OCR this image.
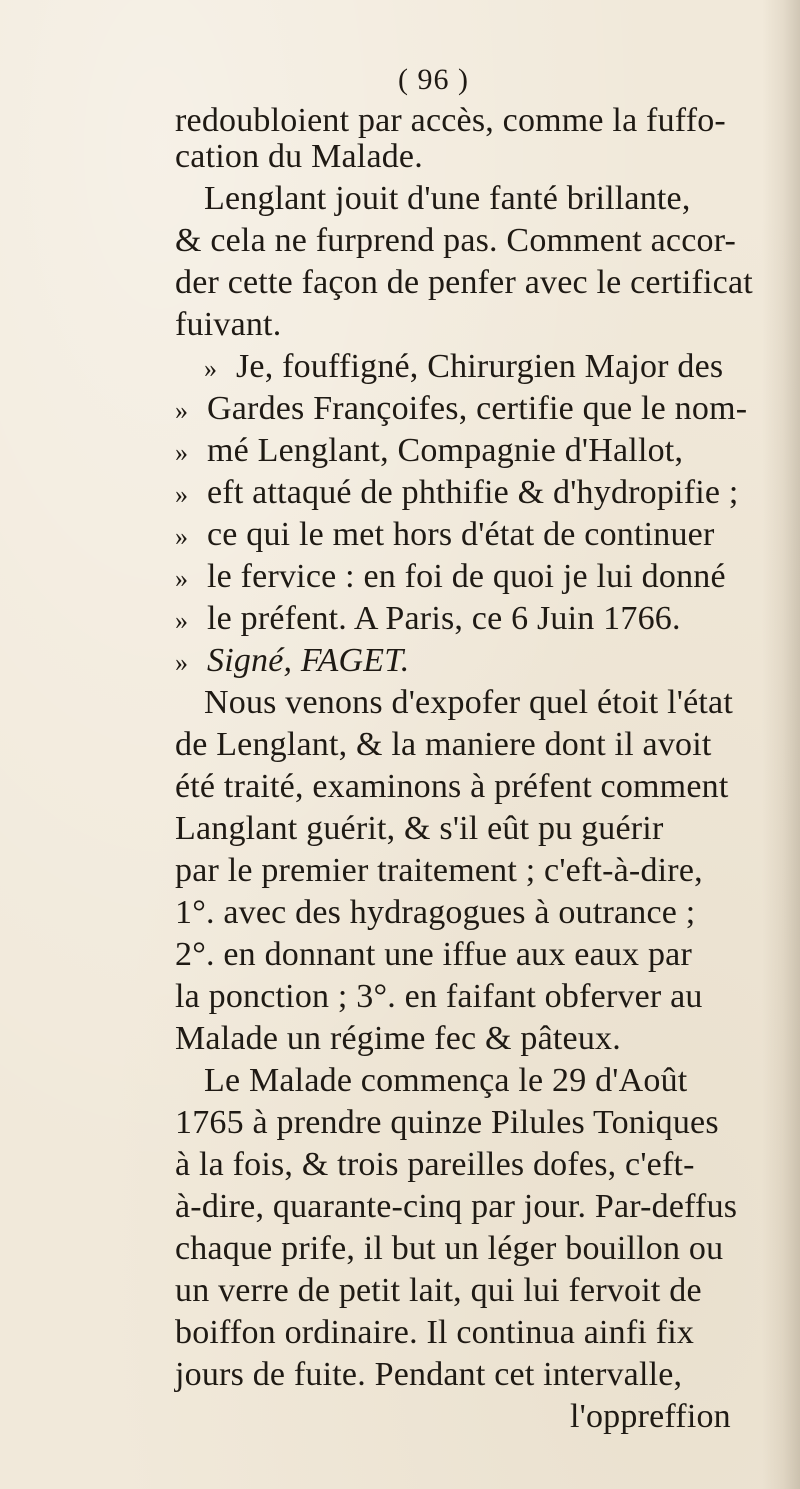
( 96 )
redoubloient par accès, comme la fuffo-
cation du Malade.
Lenglant jouit d'une fanté brillante,
& cela ne furprend pas. Comment accor-
der cette façon de penfer avec le certificat
fuivant.
» Je, fouffigné, Chirurgien Major des
» Gardes Françoifes, certifie que le nom-
» mé Lenglant, Compagnie d'Hallot,
» eft attaqué de phthifie & d'hydropifie ;
» ce qui le met hors d'état de continuer
» le fervice : en foi de quoi je lui donné
» le préfent. A Paris, ce 6 Juin 1766.
» Signé, FAGET.
Nous venons d'expofer quel étoit l'état
de Lenglant, & la maniere dont il avoit
été traité, examinons à préfent comment
Langlant guérit, & s'il eût pu guérir
par le premier traitement ; c'eft-à-dire,
1°. avec des hydragogues à outrance ;
2°. en donnant une iffue aux eaux par
la ponction ; 3°. en faifant obferver au
Malade un régime fec & pâteux.
Le Malade commença le 29 d'Août
1765 à prendre quinze Pilules Toniques
à la fois, & trois pareilles dofes, c'eft-
à-dire, quarante-cinq par jour. Par-deffus
chaque prife, il but un léger bouillon ou
un verre de petit lait, qui lui fervoit de
boiffon ordinaire. Il continua ainfi fix
jours de fuite. Pendant cet intervalle,
l'oppreffion
